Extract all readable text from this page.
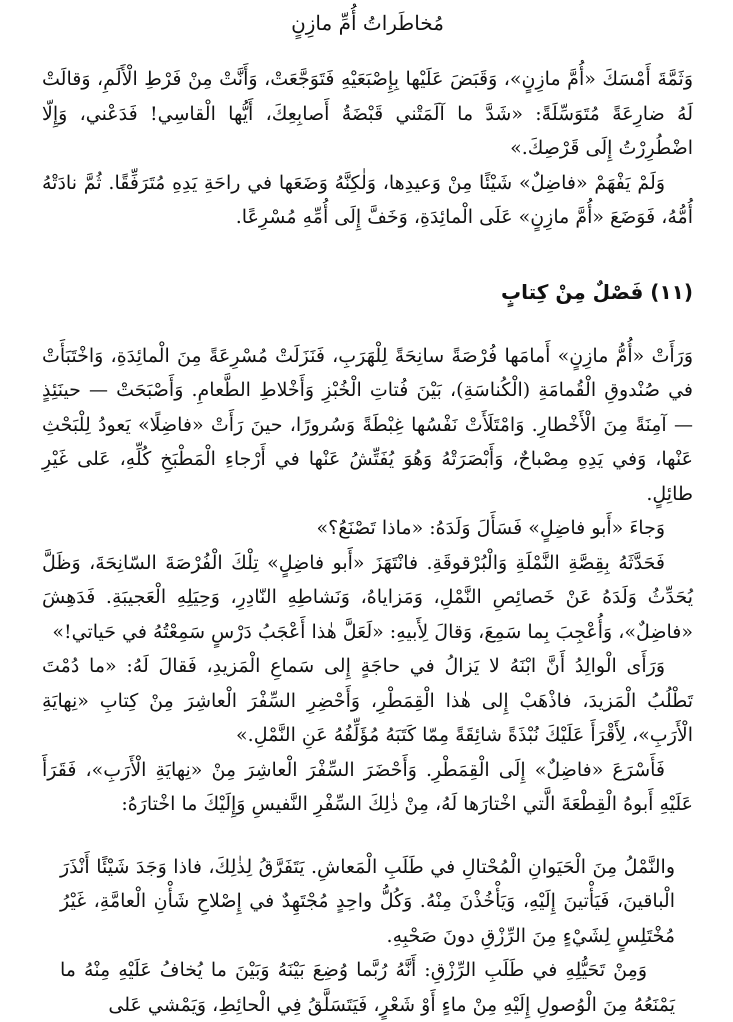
مُخاطَراتُ أُمِّ مازِنٍ

وَثَمَّةَ أَمْسَكَ «أُمَّ مازِنٍ»، وَقَبَضَ عَلَيْها بِإِصْبَعَيْهِ فَتَوَجَّعَتْ، وَأَنَّتْ مِنْ فَرْطِ الْأَلَمِ، وَقالَتْ لَهُ ضارِعَةً مُتَوَسِّلَةً: «شَدَّ ما آلَمَتْني قَبْضَةُ أَصابِعِكَ، أَيُّها الْقاسِي! فَدَعْني، وَإِلّا اضْطُرِرْتُ إِلَى قَرْصِكَ.»

وَلَمْ يَفْهَمْ «فاضِلٌ» شَيْئًا مِنْ وَعيدِها، وَلٰكِنَّهُ وَضَعَها في راحَةِ يَدِهِ مُتَرَفِّقًا. ثُمَّ نادَتْهُ أُمُّهُ، فَوَضَعَ «أُمَّ مازِنٍ» عَلَى الْمائِدَةِ، وَخَفَّ إِلَى أُمِّهِ مُسْرِعًا.

(١١) فَصْلٌ مِنْ كِتابٍ

وَرَأَتْ «أُمُّ مازِنٍ» أَمامَها فُرْصَةً سانِحَةً لِلْهَرَبِ، فَنَزَلَتْ مُسْرِعَةً مِنَ الْمائِدَةِ، وَاخْتَبَأَتْ في صُنْدوقِ الْقُمامَةِ (الْكُناسَةِ)، بَيْنَ فُتاتِ الْخُبْزِ وَأَخْلاطِ الطَّعامِ. وَأَصْبَحَتْ — حينَئِذٍ — آمِنَةً مِنَ الْأَخْطارِ. وَامْتَلَأَتْ نَفْسُها غِبْطَةً وَسُرورًا، حينَ رَأَتْ «فاضِلًا» يَعودُ لِلْبَحْثِ عَنْها، وَفي يَدِهِ مِصْباحٌ، وَأَبْصَرَتْهُ وَهُوَ يُفَتِّشُ عَنْها في أَرْجاءِ الْمَطْبَخِ كُلِّهِ، عَلى غَيْرِ طائِلٍ.

وَجاءَ «أَبو فاضِلٍ» فَسَأَلَ وَلَدَهُ: «ماذا تَصْنَعُ؟»

فَحَدَّثَهُ بِقِصَّةِ النَّمْلَةِ وَالْبُرْقوقَةِ. فانْتَهَزَ «أَبو فاضِلٍ» تِلْكَ الْفُرْصَةَ السّانِحَةَ، وَظَلَّ يُحَدِّثُ وَلَدَهُ عَنْ خَصائِصِ النَّمْلِ، وَمَزاياهُ، وَنَشاطِهِ النّادِرِ، وَحِيَلِهِ الْعَجيبَةِ. فَدَهِشَ «فاضِلٌ»، وَأُعْجِبَ بِما سَمِعَ، وَقالَ لِأَبيهِ: «لَعَلَّ هٰذا أَعْجَبُ دَرْسٍ سَمِعْتُهُ في حَياتي!»

وَرَأَى الْوالِدُ أَنَّ ابْنَهُ لا يَزالُ في حاجَةٍ إِلى سَماعِ الْمَزيدِ، فَقالَ لَهُ: «ما دُمْتَ تَطْلُبُ الْمَزيدَ، فاذْهَبْ إِلى هٰذا الْقِمَطْرِ، وَأَحْضِرِ السِّفْرَ الْعاشِرَ مِنْ كِتابِ «نِهايَةِ الْأَرَبِ»، لِأَقْرَأَ عَلَيْكَ نُبْذَةً شائِقَةً مِمّا كَتَبَهُ مُؤَلِّفُهُ عَنِ النَّمْلِ.»

فَأَسْرَعَ «فاضِلٌ» إِلَى الْقِمَطْرِ. وَأَحْضَرَ السِّفْرَ الْعاشِرَ مِنْ «نِهايَةِ الْأَرَبِ»، فَقَرَأَ عَلَيْهِ أَبوهُ الْقِطْعَةَ الَّتي اخْتارَها لَهُ، مِنْ ذٰلِكَ السِّفْرِ النَّفيسِ وَإِلَيْكَ ما اخْتارَهُ:

والنَّمْلُ مِنَ الْحَيَوانِ الْمُحْتالِ في طَلَبِ الْمَعاشِ. يَتَفَرَّقُ لِذٰلِكَ، فاذا وَجَدَ شَيْئًا أَنْذَرَ الْباقينَ، فَيَأْتينَ إِلَيْهِ، وَيَأْخُذْنَ مِنْهُ. وَكُلُّ واحِدٍ مُجْتَهِدٌ في إِصْلاحِ شَأْنِ الْعامَّةِ، غَيْرُ مُخْتَلِسٍ لِشَيْءٍ مِنَ الرِّزْقِ دونَ صَحْبِهِ.

وَمِنْ تَحَيُّلِهِ في طَلَبِ الرِّزْقِ: أَنَّهُ رُبَّما وُضِعَ بَيْنَهُ وَبَيْنَ ما يُخافُ عَلَيْهِ مِنْهُ ما يَمْنَعُهُ مِنَ الْوُصولِ إِلَيْهِ مِنْ ماءٍ أَوْ شَعْرٍ، فَيَتَسَلَّقُ فِي الْحائِطِ، وَيَمْشي عَلى
